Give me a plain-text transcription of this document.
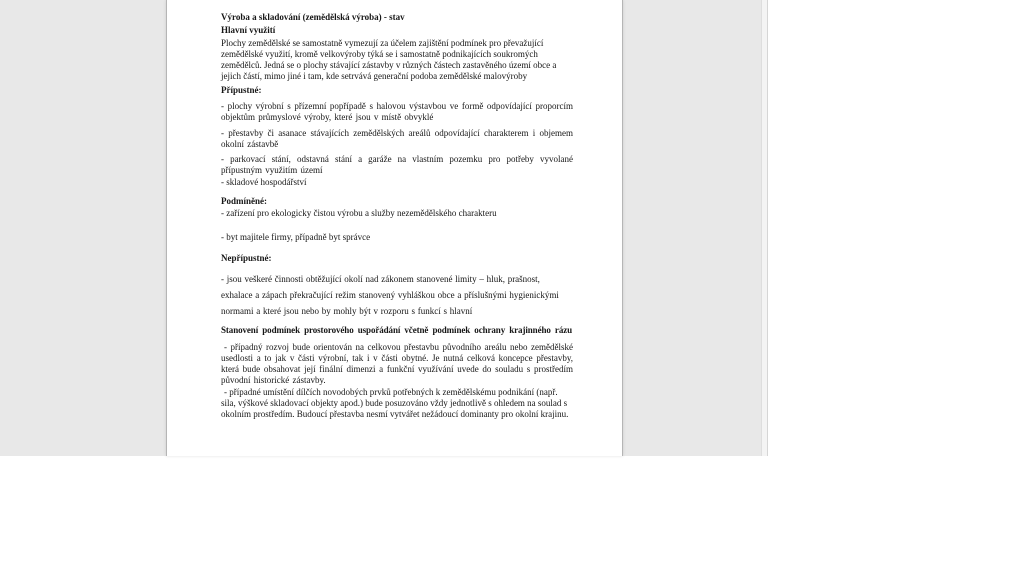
Výroba a skladování (zemědělská výroba) - stav

Hlavní využití

Plochy zemědělské se samostatně vymezují za účelem zajištění podmínek pro převažující zemědělské využití, kromě velkovýroby týká se i samostatně podnikajících soukromých zemědělců. Jedná se o plochy stávající zástavby v různých částech zastavěného území obce a jejich částí, mimo jiné i tam, kde setrvává generační podoba zemědělské malovýroby

Přípustné:

- plochy výrobní s přízemní popřípadě s halovou výstavbou ve formě odpovídající proporcím objektům průmyslové výroby, které jsou v místě obvyklé

- přestavby či asanace stávajících zemědělských areálů odpovídající charakterem i objemem okolní zástavbě

- parkovací stání, odstavná stání a garáže na vlastním pozemku pro potřeby vyvolané přípustným využitím území

- skladové hospodářství

Podmíněné:

- zařízení pro ekologicky čistou výrobu a služby nezemědělského charakteru

- byt majitele firmy, případně byt správce

Nepřípustné:

- jsou veškeré činnosti obtěžující okolí nad zákonem stanovené limity – hluk, prašnost, exhalace a zápach překračující režim stanovený vyhláškou obce a příslušnými hygienickými normami a které jsou nebo by mohly být v rozporu s funkcí s hlavní

Stanovení podmínek prostorového uspořádání včetně podmínek ochrany krajinného rázu

- případný rozvoj bude orientován na celkovou přestavbu původního areálu nebo zemědělské usedlosti a to jak v části výrobní, tak i v části obytné. Je nutná celková koncepce přestavby, která bude obsahovat její finální dimenzi a funkční využívání uvede do souladu s prostředím původní historické zástavby.

- případné umístění dílčích novodobých prvků potřebných k zemědělskému podnikání (např. sila, výškové skladovací objekty apod.) bude posuzováno vždy jednotlivě s ohledem na soulad s okolním prostředím. Budoucí přestavba nesmí vytvářet nežádoucí dominanty pro okolní krajinu.
